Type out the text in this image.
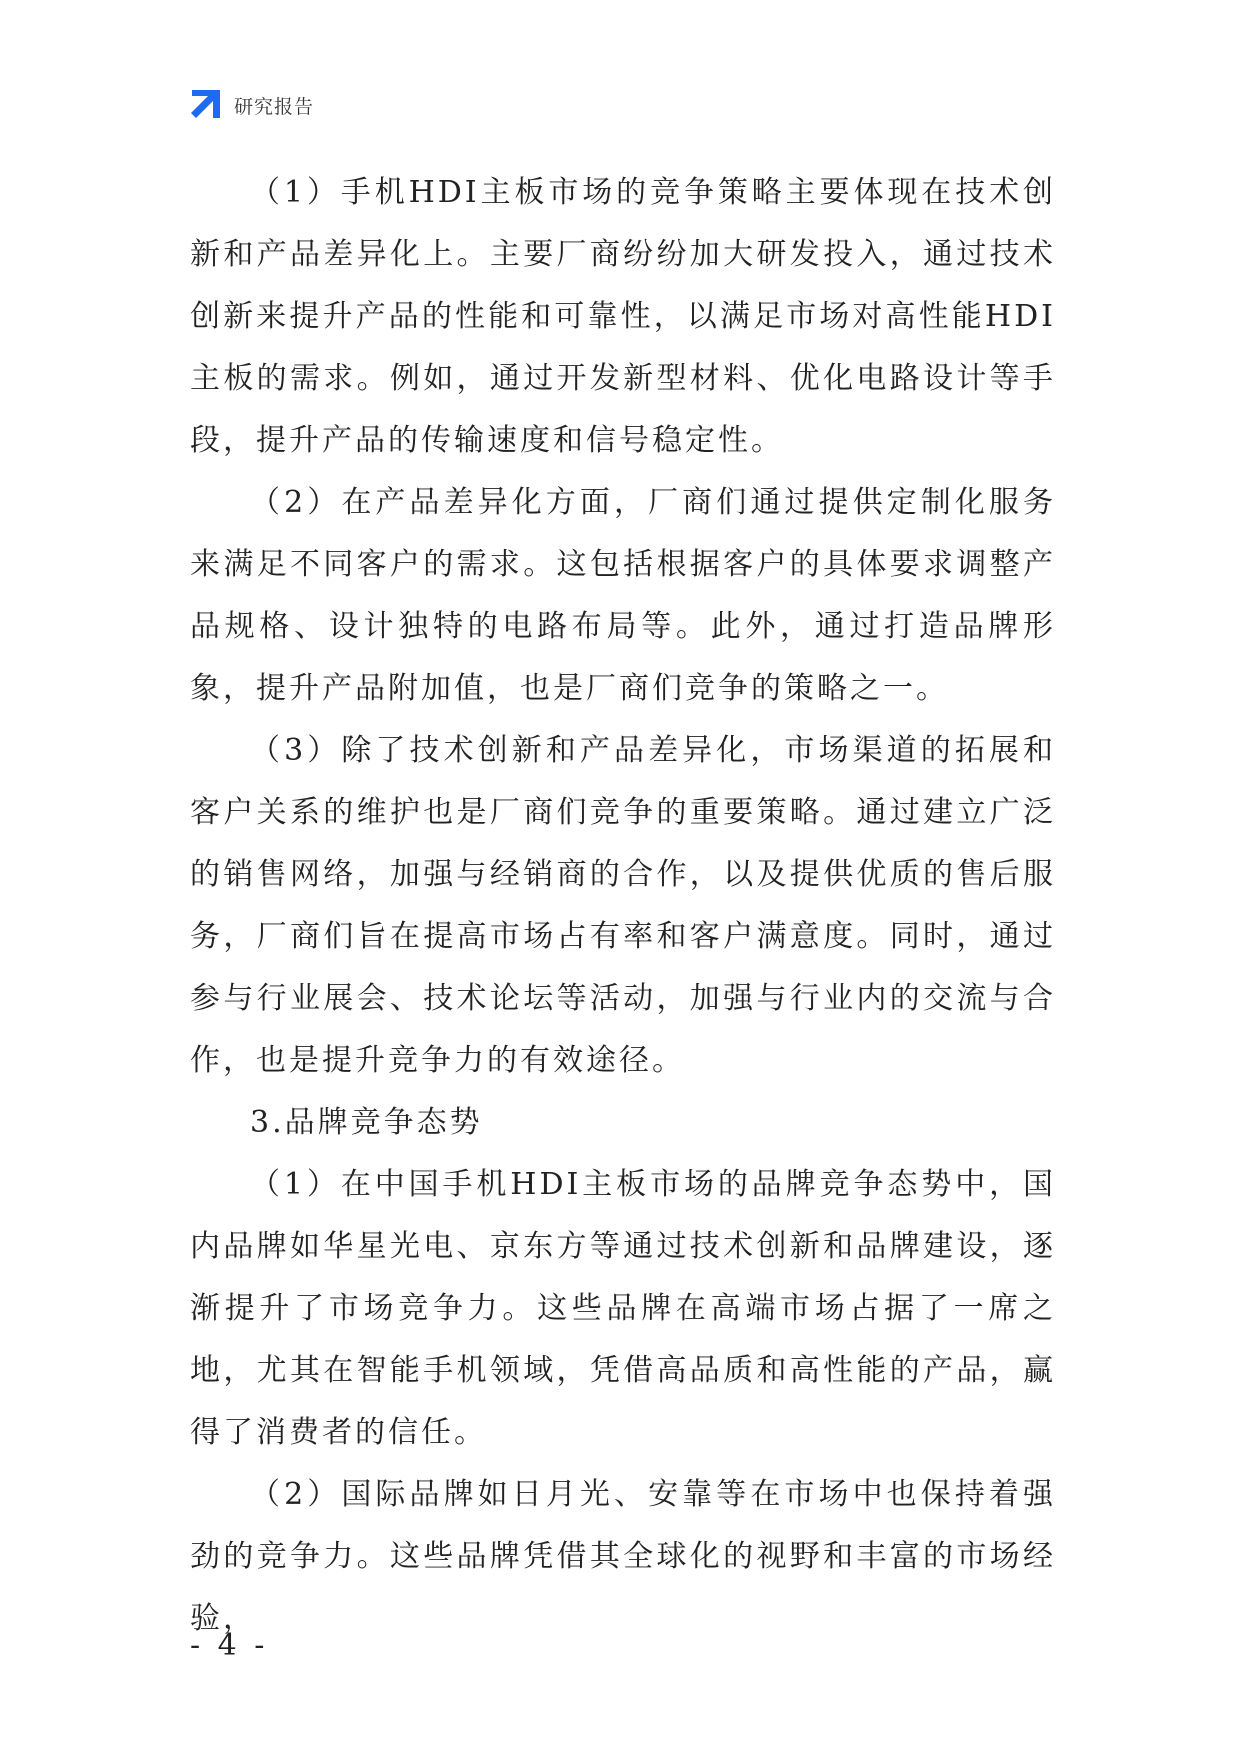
研究报告

（1）手机HDI主板市场的竞争策略主要体现在技术创新和产品差异化上。主要厂商纷纷加大研发投入，通过技术创新来提升产品的性能和可靠性，以满足市场对高性能HDI主板的需求。例如，通过开发新型材料、优化电路设计等手段，提升产品的传输速度和信号稳定性。

（2）在产品差异化方面，厂商们通过提供定制化服务来满足不同客户的需求。这包括根据客户的具体要求调整产品规格、设计独特的电路布局等。此外，通过打造品牌形象，提升产品附加值，也是厂商们竞争的策略之一。

（3）除了技术创新和产品差异化，市场渠道的拓展和客户关系的维护也是厂商们竞争的重要策略。通过建立广泛的销售网络，加强与经销商的合作，以及提供优质的售后服务，厂商们旨在提高市场占有率和客户满意度。同时，通过参与行业展会、技术论坛等活动，加强与行业内的交流与合作，也是提升竞争力的有效途径。

3.品牌竞争态势

（1）在中国手机HDI主板市场的品牌竞争态势中，国内品牌如华星光电、京东方等通过技术创新和品牌建设，逐渐提升了市场竞争力。这些品牌在高端市场占据了一席之地，尤其在智能手机领域，凭借高品质和高性能的产品，赢得了消费者的信任。

（2）国际品牌如日月光、安靠等在市场中也保持着强劲的竞争力。这些品牌凭借其全球化的视野和丰富的市场经验，

- 4 -
